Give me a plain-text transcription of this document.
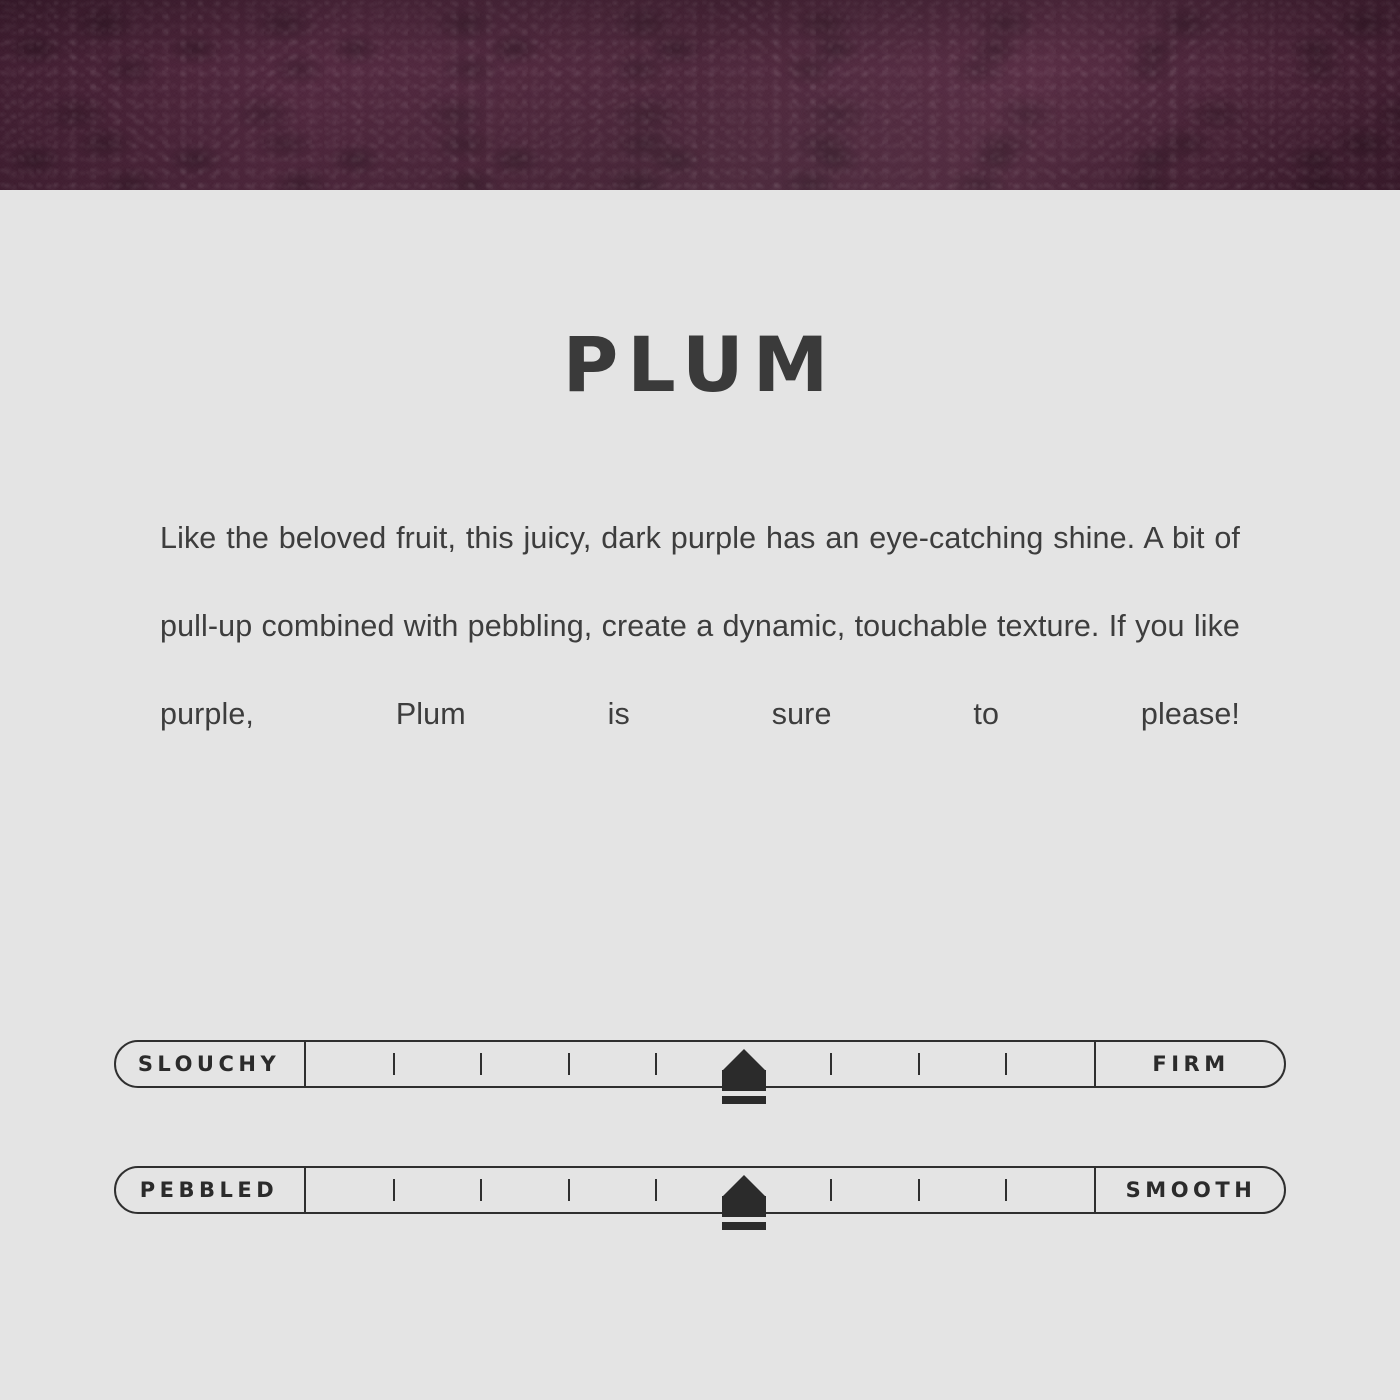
PLUM

Like the beloved fruit, this juicy, dark purple has an eye-catching shine. A bit of pull-up combined with pebbling, create a dynamic, touchable texture. If you like purple, Plum is sure to please!

SLOUCHY	FIRM
PEBBLED	SMOOTH
